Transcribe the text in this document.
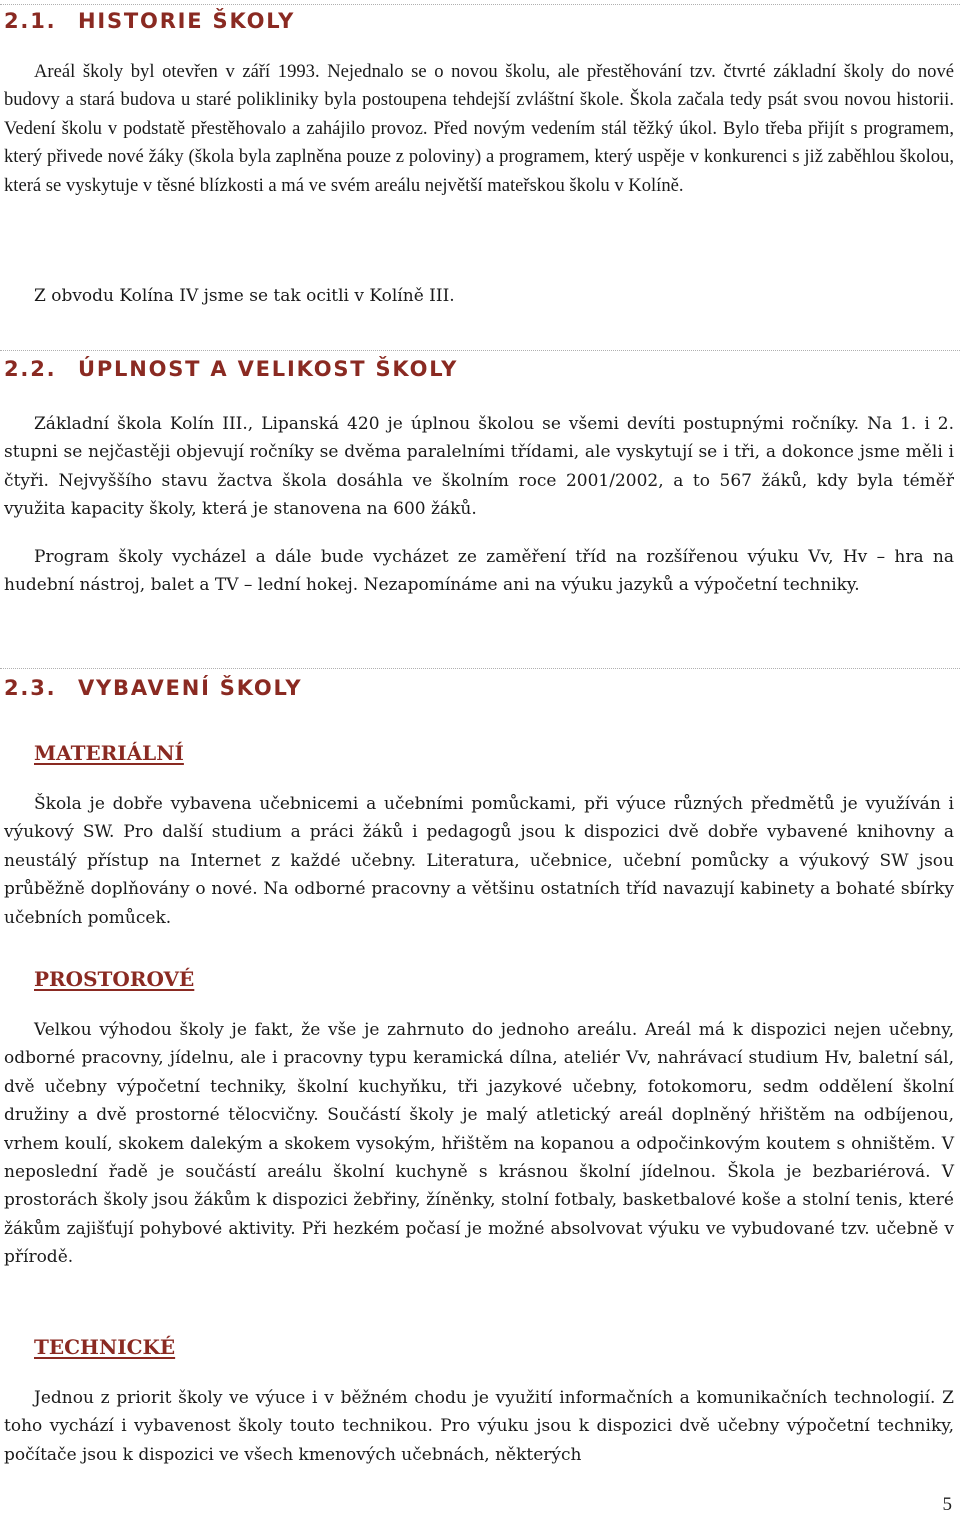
2.1. HISTORIE ŠKOLY

Areál školy byl otevřen v září 1993. Nejednalo se o novou školu, ale přestěhování tzv. čtvrté základní školy do nové budovy a stará budova u staré polikliniky byla postoupena tehdejší zvláštní škole. Škola začala tedy psát svou novou historii. Vedení školu v podstatě přestěhovalo a zahájilo provoz. Před novým vedením stál těžký úkol. Bylo třeba přijít s programem, který přivede nové žáky (škola byla zaplněna pouze z poloviny) a programem, který uspěje v konkurenci s již zaběhlou školou, která se vyskytuje v těsné blízkosti a má ve svém areálu největší mateřskou školu v Kolíně.

Z obvodu Kolína IV jsme se tak ocitli v Kolíně III.

2.2. ÚPLNOST A VELIKOST ŠKOLY

Základní škola Kolín III., Lipanská 420 je úplnou školou se všemi devíti postupnými ročníky. Na 1. i 2. stupni se nejčastěji objevují ročníky se dvěma paralelními třídami, ale vyskytují se i tři, a dokonce jsme měli i čtyři. Nejvyššího stavu žactva škola dosáhla ve školním roce 2001/2002, a to 567 žáků, kdy byla téměř využita kapacity školy, která je stanovena na 600 žáků.

Program školy vycházel a dále bude vycházet ze zaměření tříd na rozšířenou výuku Vv, Hv – hra na hudební nástroj, balet a TV – lední hokej. Nezapomínáme ani na výuku jazyků a výpočetní techniky.

2.3. VYBAVENÍ ŠKOLY
MATERIÁLNÍ

Škola je dobře vybavena učebnicemi a učebními pomůckami, při výuce různých předmětů je využíván i výukový SW. Pro další studium a práci žáků i pedagogů jsou k dispozici dvě dobře vybavené knihovny a neustálý přístup na Internet z každé učebny. Literatura, učebnice, učební pomůcky a výukový SW jsou průběžně doplňovány o nové. Na odborné pracovny a většinu ostatních tříd navazují kabinety a bohaté sbírky učebních pomůcek.

PROSTOROVÉ

Velkou výhodou školy je fakt, že vše je zahrnuto do jednoho areálu. Areál má k dispozici nejen učebny, odborné pracovny, jídelnu, ale i pracovny typu keramická dílna, ateliér Vv, nahrávací studium Hv, baletní sál, dvě učebny výpočetní techniky, školní kuchyňku, tři jazykové učebny, fotokomoru, sedm oddělení školní družiny a dvě prostorné tělocvičny. Součástí školy je malý atletický areál doplněný hřištěm na odbíjenou, vrhem koulí, skokem dalekým a skokem vysokým, hřištěm na kopanou a odpočinkovým koutem s ohništěm. V neposlední řadě je součástí areálu školní kuchyně s krásnou školní jídelnou. Škola je bezbariérová. V prostorách školy jsou žákům k dispozici žebřiny, žíněnky, stolní fotbaly, basketbalové koše a stolní tenis, které žákům zajišťují pohybové aktivity. Při hezkém počasí je možné absolvovat výuku ve vybudované tzv. učebně v přírodě.

TECHNICKÉ

Jednou z priorit školy ve výuce i v běžném chodu je využití informačních a komunikačních technologií. Z toho vychází i vybavenost školy touto technikou. Pro výuku jsou k dispozici dvě učebny výpočetní techniky, počítače jsou k dispozici ve všech kmenových učebnách, některých

5
